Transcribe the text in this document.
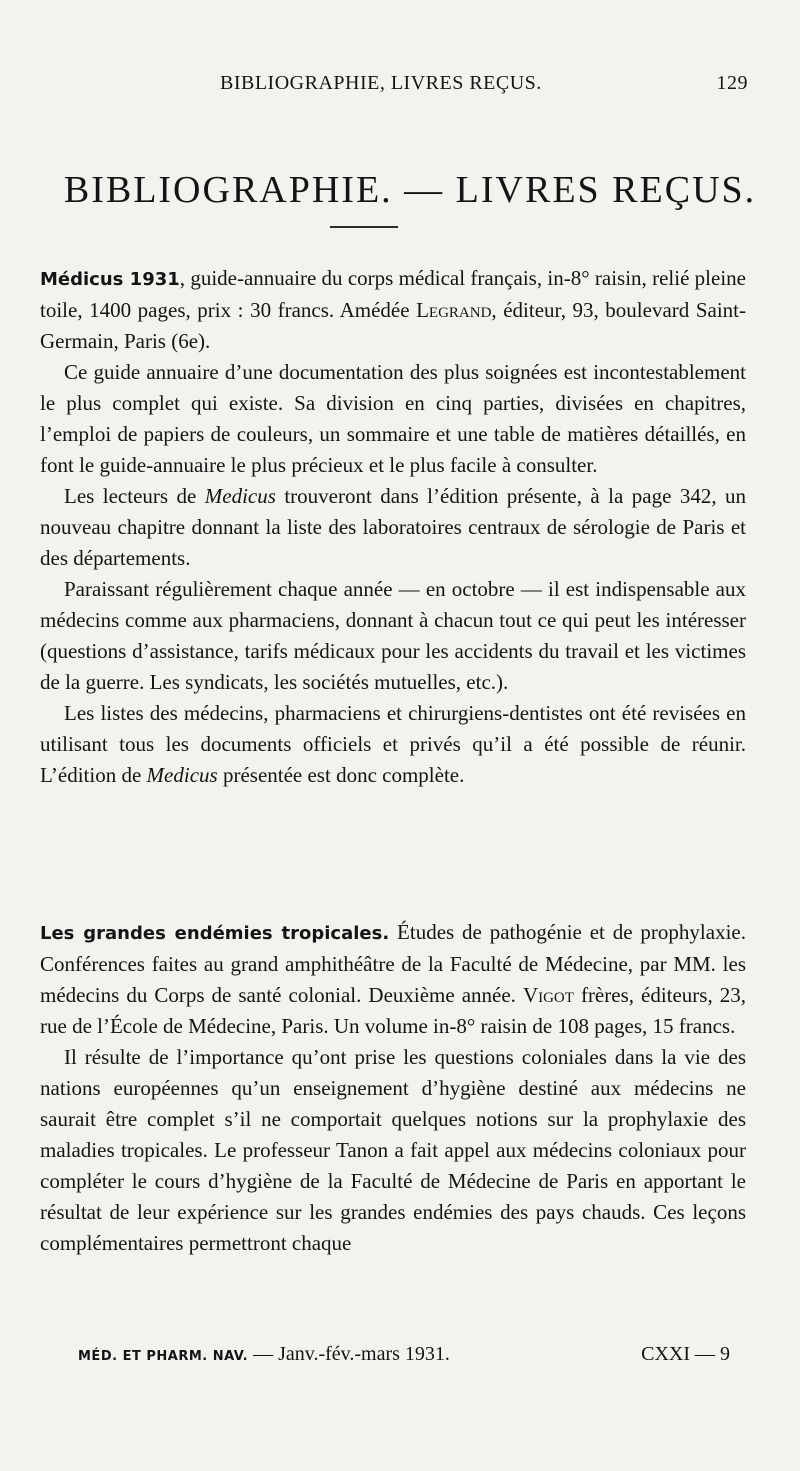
BIBLIOGRAPHIE, LIVRES REÇUS.	129
BIBLIOGRAPHIE. — LIVRES REÇUS.

Médicus 1931, guide-annuaire du corps médical français, in-8° raisin, relié pleine toile, 1400 pages, prix : 30 francs. Amédée Legrand, éditeur, 93, boulevard Saint-Germain, Paris (6e).

Ce guide annuaire d’une documentation des plus soignées est incontestablement le plus complet qui existe. Sa division en cinq parties, divisées en chapitres, l’emploi de papiers de couleurs, un sommaire et une table de matières détaillés, en font le guide-annuaire le plus précieux et le plus facile à consulter.

Les lecteurs de Medicus trouveront dans l’édition présente, à la page 342, un nouveau chapitre donnant la liste des laboratoires centraux de sérologie de Paris et des départements.

Paraissant régulièrement chaque année — en octobre — il est indispensable aux médecins comme aux pharmaciens, donnant à chacun tout ce qui peut les intéresser (questions d’assistance, tarifs médicaux pour les accidents du travail et les victimes de la guerre. Les syndicats, les sociétés mutuelles, etc.).

Les listes des médecins, pharmaciens et chirurgiens-dentistes ont été revisées en utilisant tous les documents officiels et privés qu’il a été possible de réunir. L’édition de Medicus présentée est donc complète.

Les grandes endémies tropicales. Études de pathogénie et de prophylaxie. Conférences faites au grand amphithéâtre de la Faculté de Médecine, par MM. les médecins du Corps de santé colonial. Deuxième année. Vigot frères, éditeurs, 23, rue de l’École de Médecine, Paris. Un volume in-8° raisin de 108 pages, 15 francs.

Il résulte de l’importance qu’ont prise les questions coloniales dans la vie des nations européennes qu’un enseignement d’hygiène destiné aux médecins ne saurait être complet s’il ne comportait quelques notions sur la prophylaxie des maladies tropicales. Le professeur Tanon a fait appel aux médecins coloniaux pour compléter le cours d’hygiène de la Faculté de Médecine de Paris en apportant le résultat de leur expérience sur les grandes endémies des pays chauds. Ces leçons complémentaires permettront chaque

MÉD. ET PHARM. NAV. — Janv.-fév.-mars 1931.	CXXI — 9
